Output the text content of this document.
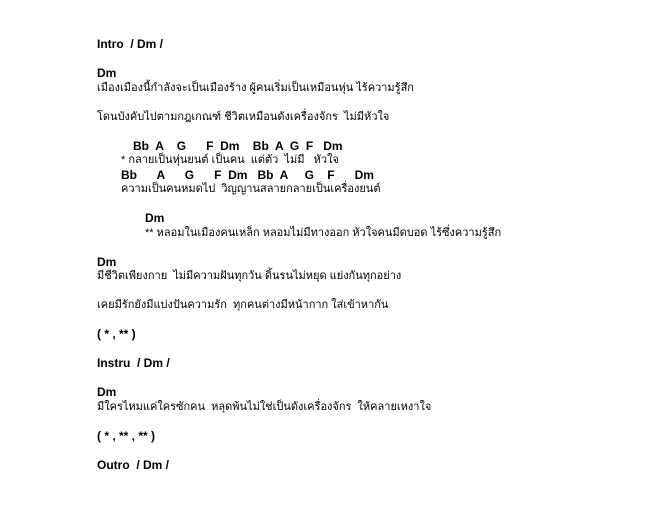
Intro  / Dm /
Dm
เมืองเมืองนี้กำลังจะเป็นเมืองร้าง ผู้คนเริ่มเป็นเหมือนหุ่น ไร้ความรู้สึก
โดนบังคับไปตามกฎเกณฑ์ ชีวิตเหมือนดังเครื่องจักร  ไม่มีหัวใจ
Bb  A    G      F  Dm    Bb  A  G  F   Dm
* กลายเป็นหุ่นยนต์ เป็นคน  แต่ตัว  ไม่มี   หัวใจ
Bb      A      G      F  Dm   Bb  A     G    F      Dm
ความเป็นคนหมดไป  วิญญานสลายกลายเป็นเครื่องยนต์
Dm
** หลอมในเมืองคนเหล็ก หลอมไม่มีทางออก หัวใจคนมืดบอด ไร้ซึ่งความรู้สึก
Dm
มีชีวิตเพียงกาย  ไม่มีความฝันทุกวัน ดิ้นรนไม่หยุด แย่งกันทุกอย่าง
เคยมีรักยังมีแบ่งปันความรัก  ทุกคนต่างมีหน้ากาก ใส่เข้าหากัน
( * , ** )
Instru  / Dm /
Dm
มีใครไหมแค่ใครซักคน  หลุดพ้นไม่ใช่เป็นดังเครื่องจักร  ให้คลายเหงาใจ
( * , ** , ** )
Outro  / Dm /
